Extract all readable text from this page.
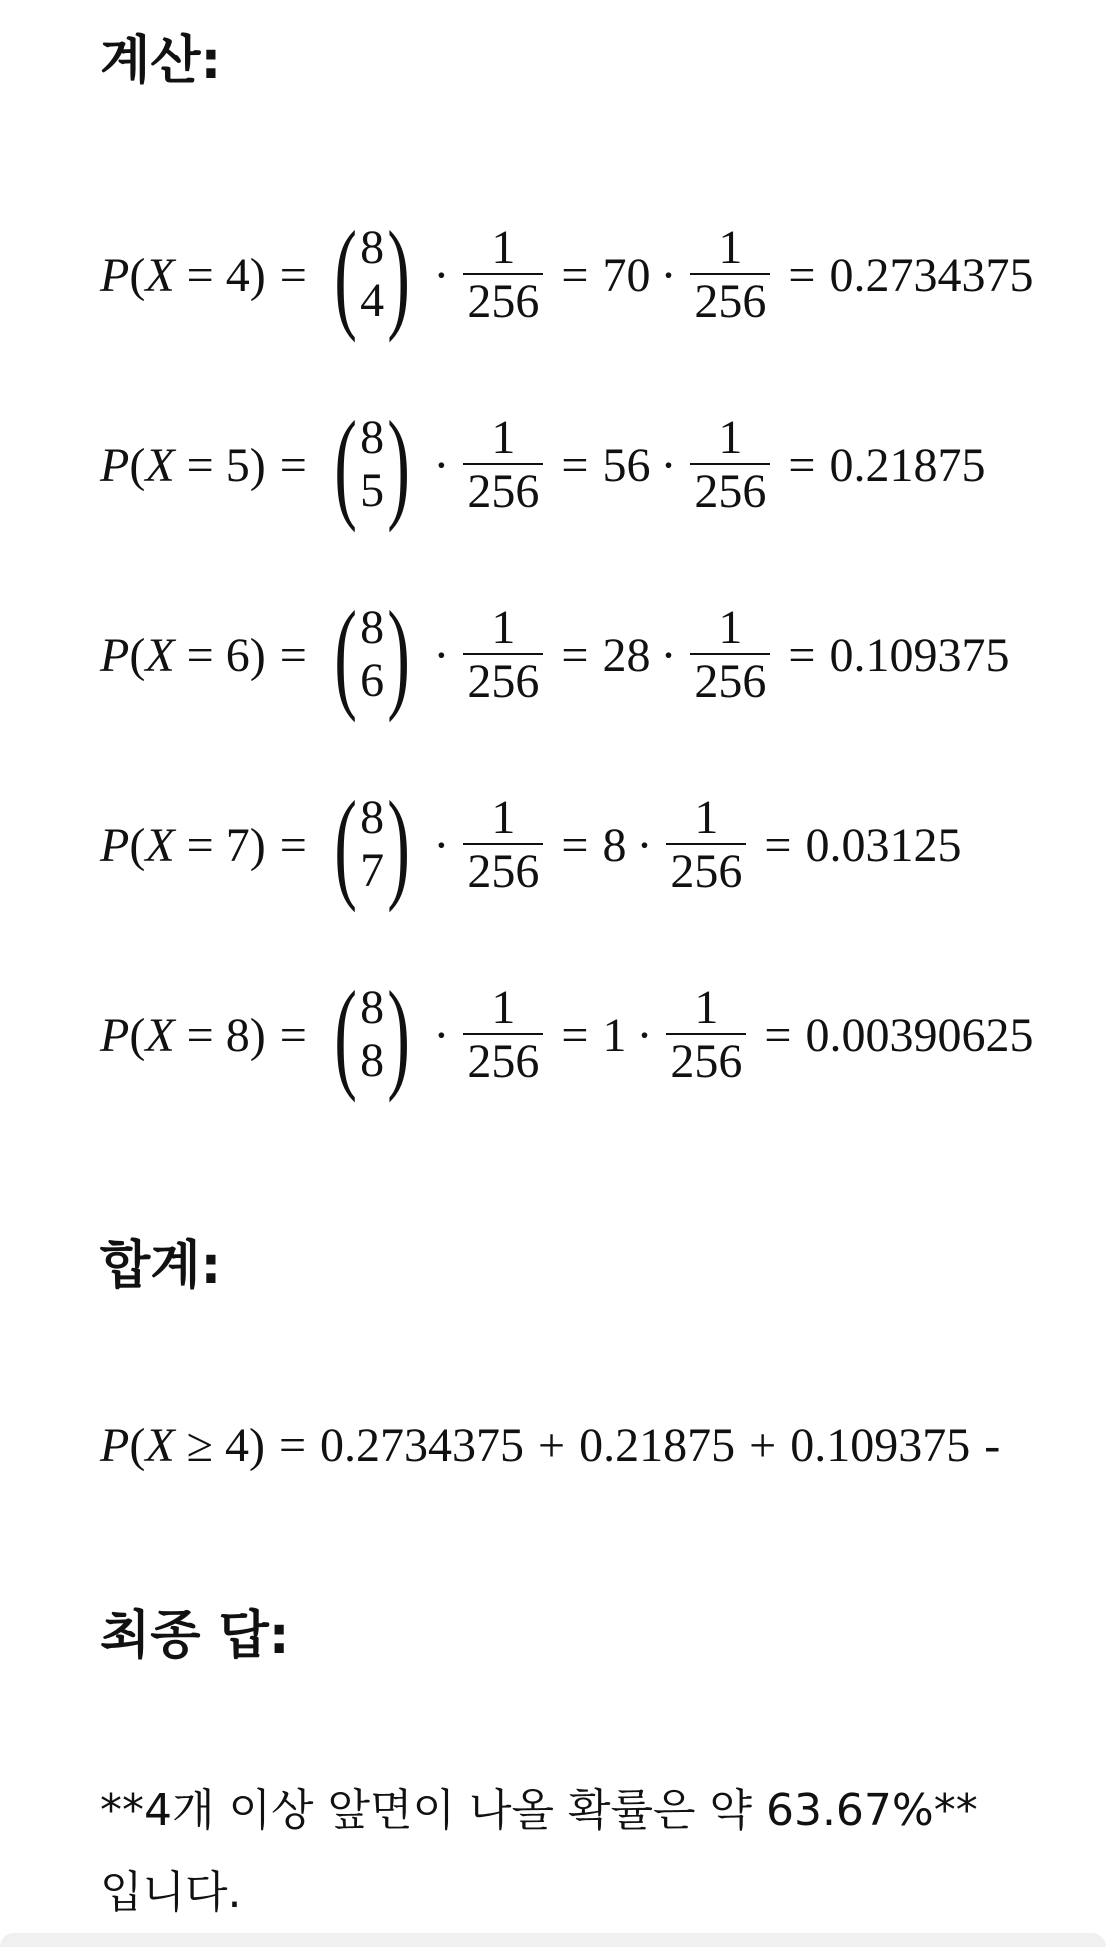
계산:
P(X = 4) = ( 8
4 ) · $\frac{1}{256} = 70 \cdot \frac{1}{256} = 0.2734375$
P(X = 5) = ( 8
5 ) · $\frac{1}{256} = 56 \cdot \frac{1}{256} = 0.21875$
P(X = 6) = ( 8
6 ) · $\frac{1}{256} = 28 \cdot \frac{1}{256} = 0.109375$
P(X = 7) = ( 8
7 ) · $\frac{1}{256} = 8 \cdot \frac{1}{256} = 0.03125$
P(X = 8) = ( 8
8 ) · $\frac{1}{256} = 1 \cdot \frac{1}{256} = 0.00390625$
합계:
P(X ≥ 4) = 0.2734375 + 0.21875 + 0.109375 -
최종 답:

**4개 이상 앞면이 나올 확률은 약 63.67%**
입니다.
